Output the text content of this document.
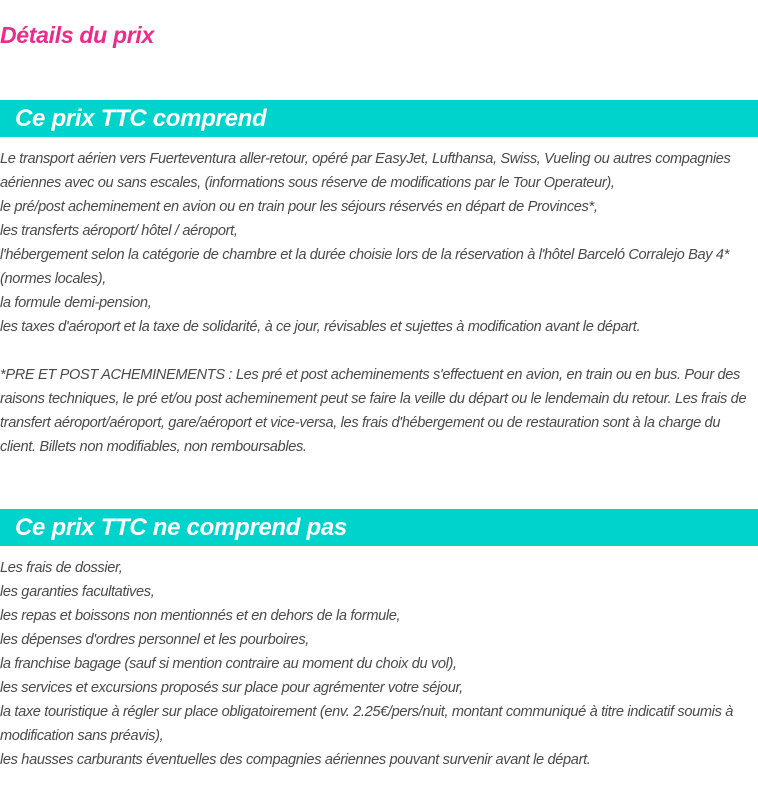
Détails du prix
Ce prix TTC comprend

Le transport aérien vers Fuerteventura aller-retour, opéré par EasyJet, Lufthansa, Swiss, Vueling ou autres compagnies aériennes avec ou sans escales, (informations sous réserve de modifications par le Tour Operateur),

le pré/post acheminement en avion ou en train pour les séjours réservés en départ de Provinces*,

les transferts aéroport/ hôtel / aéroport,

l'hébergement selon la catégorie de chambre et la durée choisie lors de la réservation à l'hôtel Barceló Corralejo Bay 4* (normes locales),

la formule demi-pension,

les taxes d'aéroport et la taxe de solidarité, à ce jour, révisables et sujettes à modification avant le départ.

*PRE ET POST ACHEMINEMENTS : Les pré et post acheminements s'effectuent en avion, en train ou en bus. Pour des raisons techniques, le pré et/ou post acheminement peut se faire la veille du départ ou le lendemain du retour. Les frais de transfert aéroport/aéroport, gare/aéroport et vice-versa, les frais d'hébergement ou de restauration sont à la charge du client. Billets non modifiables, non remboursables.

Ce prix TTC ne comprend pas

Les frais de dossier,

les garanties facultatives,

les repas et boissons non mentionnés et en dehors de la formule,

les dépenses d'ordres personnel et les pourboires,

la franchise bagage (sauf si mention contraire au moment du choix du vol),

les services et excursions proposés sur place pour agrémenter votre séjour,

la taxe touristique à régler sur place obligatoirement (env. 2.25€/pers/nuit, montant communiqué à titre indicatif soumis à modification sans préavis),

les hausses carburants éventuelles des compagnies aériennes pouvant survenir avant le départ.
